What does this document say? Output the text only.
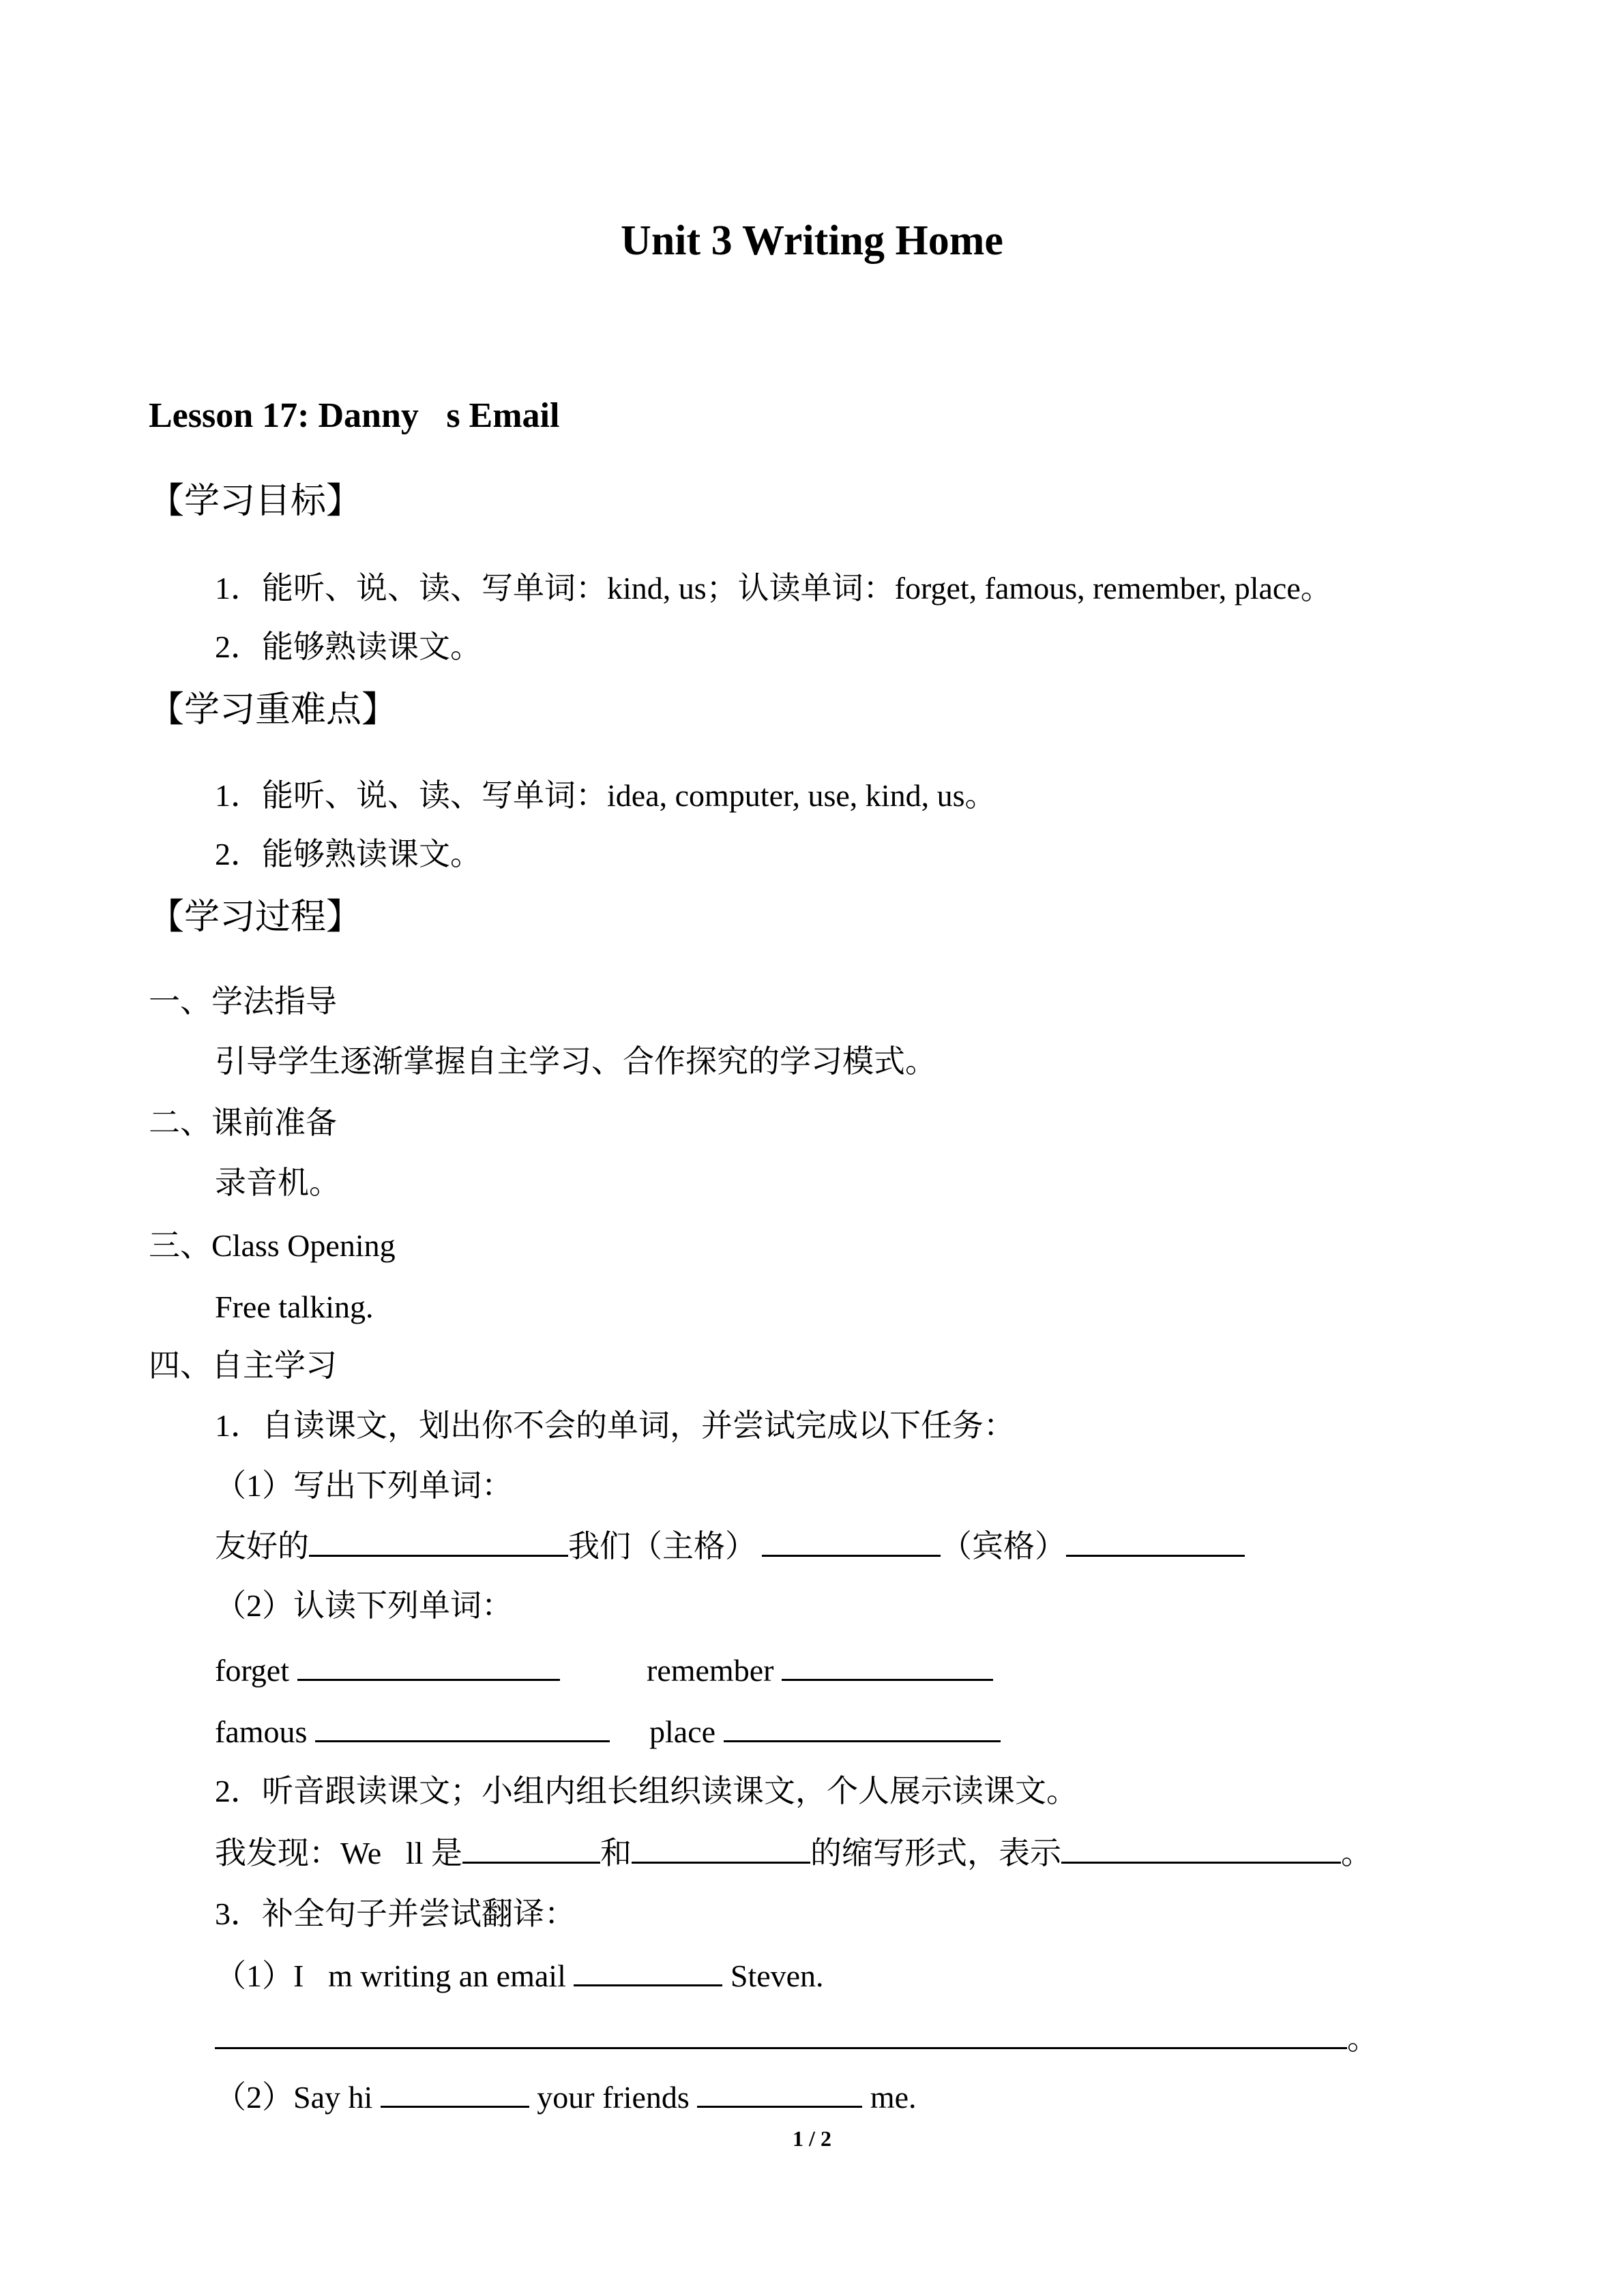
Unit 3 Writing Home
Lesson 17: Danny s Email
【学习目标】
1．能听、说、读、写单词：kind, us；认读单词：forget, famous, remember, place。
2．能够熟读课文。
【学习重难点】
1．能听、说、读、写单词：idea, computer, use, kind, us。
2．能够熟读课文。
【学习过程】
一、学法指导
引导学生逐渐掌握自主学习、合作探究的学习模式。
二、课前准备
录音机。
三、Class Opening
Free talking.
四、自主学习
1．自读课文，划出你不会的单词，并尝试完成以下任务：
（1）写出下列单词：
友好的	我们（主格）	（宾格）
（2）认读下列单词：
forget	remember
famous	place
2．听音跟读课文；小组内组长组织读课文，个人展示读课文。
我发现：We ll 是	和	的缩写形式，表示	。
3．补全句子并尝试翻译：
（1）I m writing an email	Steven.
。
（2）Say hi	your friends	me.
1 / 2
